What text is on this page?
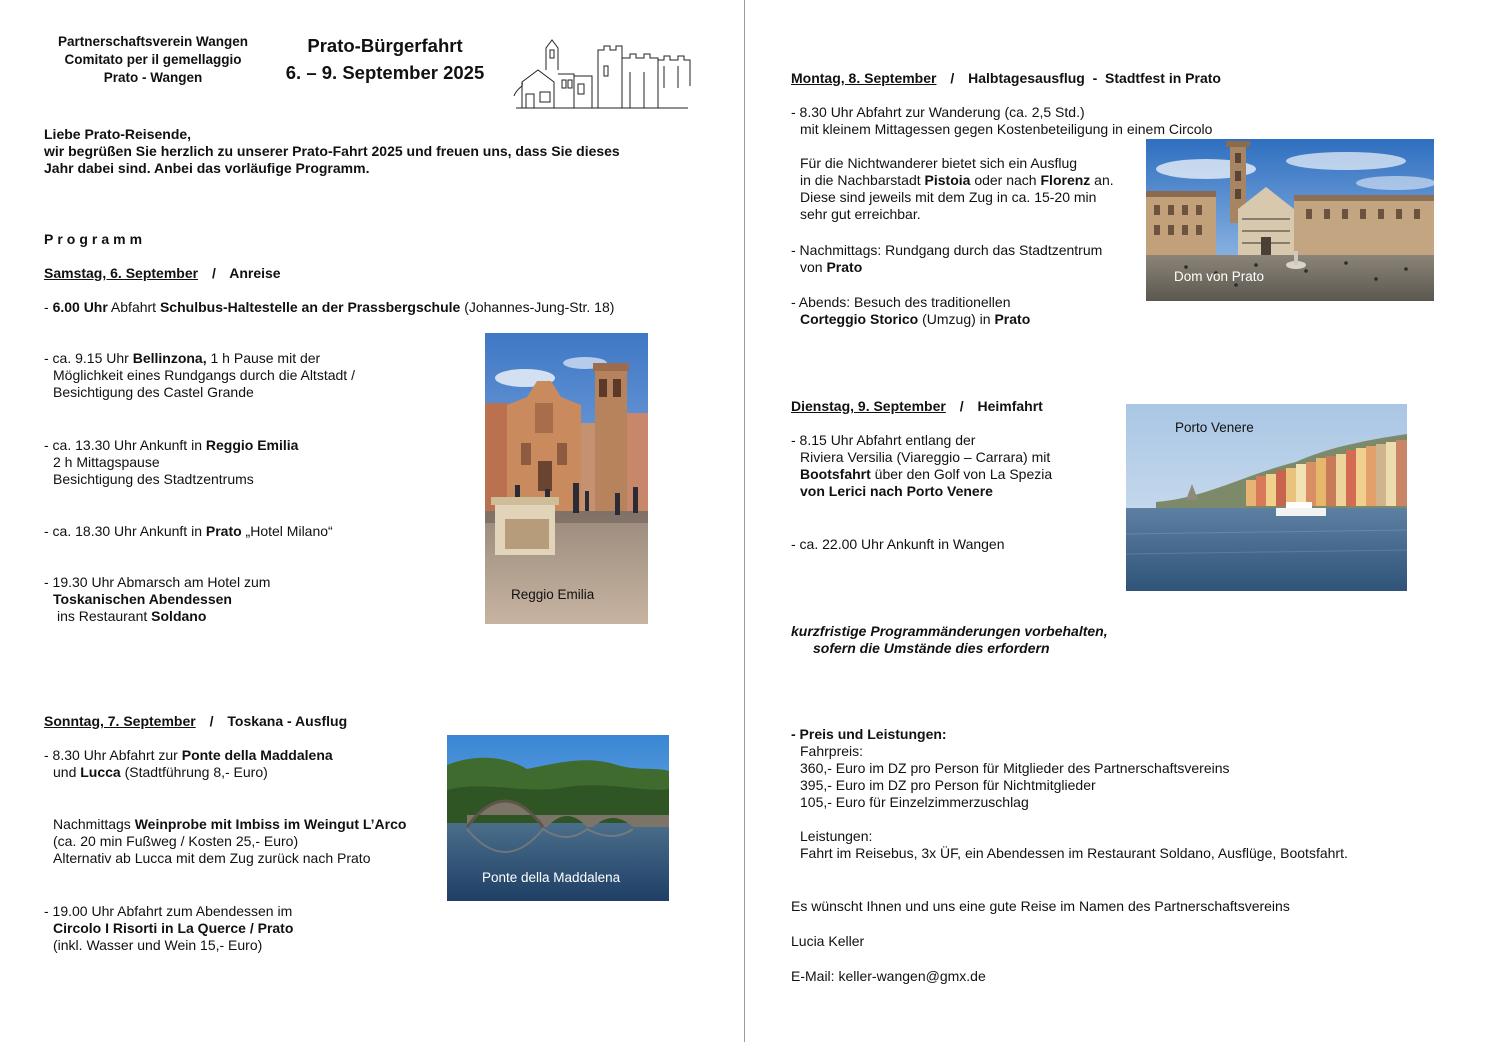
Partnerschaftsverein Wangen
Comitato per il gemellaggio
Prato - Wangen
Prato-Bürgerfahrt
6. – 9. September 2025
Liebe Prato-Reisende,
wir begrüßen Sie herzlich zu unserer Prato-Fahrt 2025 und freuen uns, dass Sie dieses
Jahr dabei sind. Anbei das vorläufige Programm.
Programm
Samstag, 6. September / Anreise
- 6.00 Uhr Abfahrt Schulbus-Haltestelle an der Prassbergschule (Johannes-Jung-Str. 18)
- ca. 9.15 Uhr Bellinzona, 1 h Pause mit der
Möglichkeit eines Rundgangs durch die Altstadt /
Besichtigung des Castel Grande
- ca. 13.30 Uhr Ankunft in Reggio Emilia
2 h Mittagspause
Besichtigung des Stadtzentrums
- ca. 18.30 Uhr Ankunft in Prato „Hotel Milano“
- 19.30 Uhr Abmarsch am Hotel zum
Toskanischen Abendessen
ins Restaurant Soldano
Reggio Emilia
Sonntag, 7. September / Toskana - Ausflug
- 8.30 Uhr Abfahrt zur Ponte della Maddalena
und Lucca (Stadtführung 8,- Euro)
Nachmittags Weinprobe mit Imbiss im Weingut L’Arco
(ca. 20 min Fußweg / Kosten 25,- Euro)
Alternativ ab Lucca mit dem Zug zurück nach Prato
- 19.00 Uhr Abfahrt zum Abendessen im
Circolo I Risorti in La Querce / Prato
(inkl. Wasser und Wein 15,- Euro)
Ponte della Maddalena
Montag, 8. September / Halbtagesausflug  -  Stadtfest in Prato
- 8.30 Uhr Abfahrt zur Wanderung (ca. 2,5 Std.)
mit kleinem Mittagessen gegen Kostenbeteiligung in einem Circolo
Für die Nichtwanderer bietet sich ein Ausflug
in die Nachbarstadt Pistoia oder nach Florenz an.
Diese sind jeweils mit dem Zug in ca. 15-20 min
sehr gut erreichbar.
- Nachmittags: Rundgang durch das Stadtzentrum
von Prato
- Abends: Besuch des traditionellen
Corteggio Storico (Umzug) in Prato
Dom von Prato
Dienstag, 9. September / Heimfahrt
- 8.15 Uhr Abfahrt entlang der
Riviera Versilia (Viareggio – Carrara) mit
Bootsfahrt über den Golf von La Spezia
von Lerici nach Porto Venere
- ca. 22.00 Uhr Ankunft in Wangen
Porto Venere
kurzfristige Programmänderungen vorbehalten,
sofern die Umstände dies erfordern
- Preis und Leistungen:
Fahrpreis:
360,- Euro im DZ pro Person für Mitglieder des Partnerschaftsvereins
395,- Euro im DZ pro Person für Nichtmitglieder
105,- Euro für Einzelzimmerzuschlag
Leistungen:
Fahrt im Reisebus, 3x ÜF, ein Abendessen im Restaurant Soldano, Ausflüge, Bootsfahrt.
Es wünscht Ihnen und uns eine gute Reise im Namen des Partnerschaftsvereins
Lucia Keller
E-Mail: keller-wangen@gmx.de
